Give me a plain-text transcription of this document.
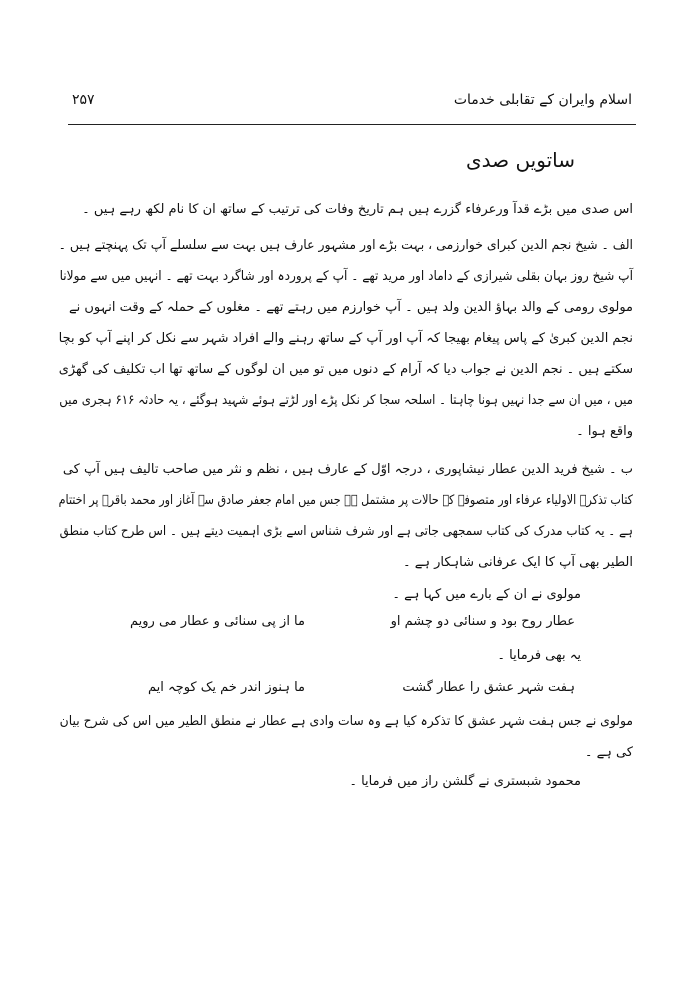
اسلام وایران کے تقابلی خدمات
۲۵۷
ساتویں صدی
اس صدی میں بڑے قدآ ورعرفاء گزرے ہیں ہم تاریخ وفات کی ترتیب کے ساتھ ان کا نام لکھ رہے ہیں ۔
الف ۔ شیخ نجم الدین کبرای خوارزمی ، بہت بڑے اور مشہور عارف ہیں بہت سے سلسلے آپ تک پہنچتے ہیں ۔
آپ شیخ روز بہان بقلی شیرازی کے داماد اور مرید تھے ۔ آپ کے پروردہ اور شاگرد بہت تھے ۔ انہیں میں سے مولانا
مولوی رومی کے والد بہاؤ الدین ولد ہیں ۔ آپ خوارزم میں رہتے تھے ۔ مغلوں کے حملہ کے وقت انہوں نے
نجم الدین کبریٰ کے پاس پیغام بھیجا کہ آپ اور آپ کے ساتھ رہنے والے افراد شہر سے نکل کر اپنے آپ کو بچا
سکتے ہیں ۔ نجم الدین نے جواب دیا کہ آرام کے دنوں میں تو میں ان لوگوں کے ساتھ تھا اب تکلیف کی گھڑی
میں ، میں ان سے جدا نہیں ہونا چاہتا ۔ اسلحہ سجا کر نکل پڑے اور لڑتے ہوئے شہید ہوگئے ، یہ حادثہ ۶۱۶ ہجری میں
واقع ہوا ۔
ب ۔ شیخ فرید الدین عطار نیشاپوری ، درجہ اوّل کے عارف ہیں ، نظم و نثر میں صاحب تالیف ہیں آپ کی
کتاب تذکرۃ الاولیاء عرفاء اور متصوفہ کے حالات پر مشتمل ہے جس میں امام جعفر صادق سے آغاز اور محمد باقرؒ پر اختتام
ہے ۔ یہ کتاب مدرک کی کتاب سمجھی جاتی ہے اور شرف شناس اسے بڑی اہمیت دیتے ہیں ۔ اس طرح کتاب منطق
الطیر بھی آپ کا ایک عرفانی شاہکار ہے ۔
مولوی نے ان کے بارے میں کہا ہے ۔
عطار روح بود و سنائی دو چشم او
ما از پی سنائی و عطار می رویم
یہ بھی فرمایا ۔
ہفت شہر عشق را عطار گشت
ما ہنوز اندر خم یک کوچہ ایم
مولوی نے جس ہفت شہر عشق کا تذکرہ کیا ہے وہ سات وادی ہے عطار نے منطق الطیر میں اس کی شرح بیان
کی ہے ۔
محمود شبستری نے گلشن راز میں فرمایا ۔
